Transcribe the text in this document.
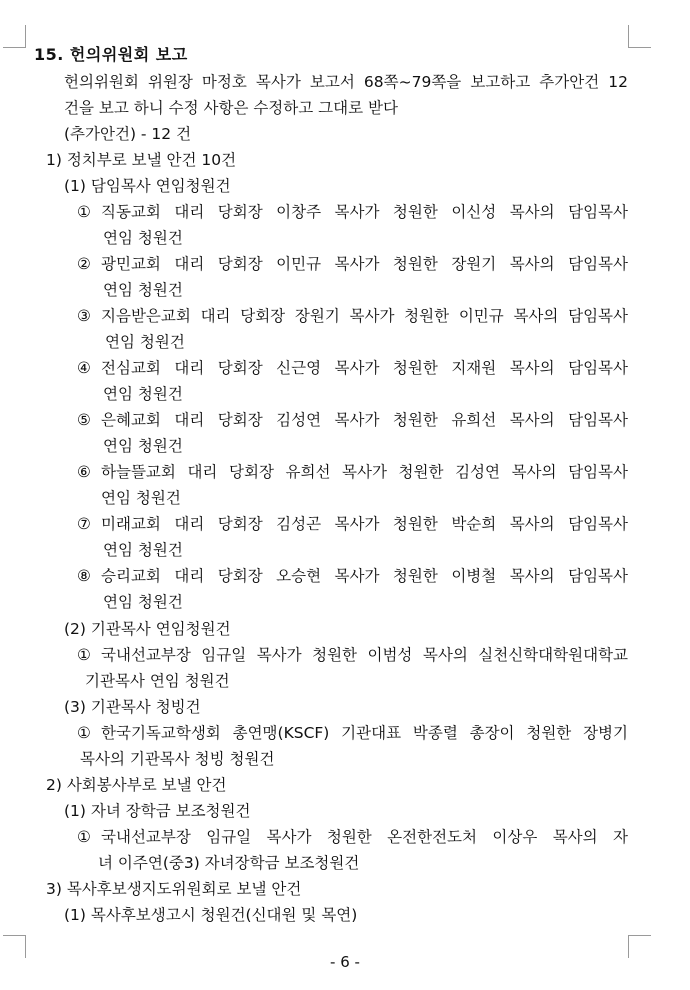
15. 헌의위원회 보고
헌의위원회 위원장 마정호 목사가 보고서 68쪽~79쪽을 보고하고 추가안건 12
건을 보고 하니 수정 사항은 수정하고 그대로 받다
(추가안건) - 12 건
1) 정치부로 보낼 안건 10건
(1) 담임목사 연임청원건
① 직동교회 대리 당회장 이창주 목사가 청원한 이신성 목사의 담임목사
연임 청원건
② 광민교회 대리 당회장 이민규 목사가 청원한 장원기 목사의 담임목사
연임 청원건
③ 지음받은교회 대리 당회장 장원기 목사가 청원한 이민규 목사의 담임목사
연임 청원건
④ 전심교회 대리 당회장 신근영 목사가 청원한 지재원 목사의 담임목사
연임 청원건
⑤ 은혜교회 대리 당회장 김성연 목사가 청원한 유희선 목사의 담임목사
연임 청원건
⑥ 하늘뜰교회 대리 당회장 유희선 목사가 청원한 김성연 목사의 담임목사
연임 청원건
⑦ 미래교회 대리 당회장 김성곤 목사가 청원한 박순희 목사의 담임목사
연임 청원건
⑧ 승리교회 대리 당회장 오승현 목사가 청원한 이병철 목사의 담임목사
연임 청원건
(2) 기관목사 연임청원건
① 국내선교부장 임규일 목사가 청원한 이범성 목사의 실천신학대학원대학교
기관목사 연임 청원건
(3) 기관목사 청빙건
① 한국기독교학생회 총연맹(KSCF) 기관대표 박종렬 총장이 청원한 장병기
목사의 기관목사 청빙 청원건
2) 사회봉사부로 보낼 안건
(1) 자녀 장학금 보조청원건
① 국내선교부장 임규일 목사가 청원한 온전한전도처 이상우 목사의 자
녀 이주연(중3) 자녀장학금 보조청원건
3) 목사후보생지도위원회로 보낼 안건
(1) 목사후보생고시 청원건(신대원 및 목연)
- 6 -
